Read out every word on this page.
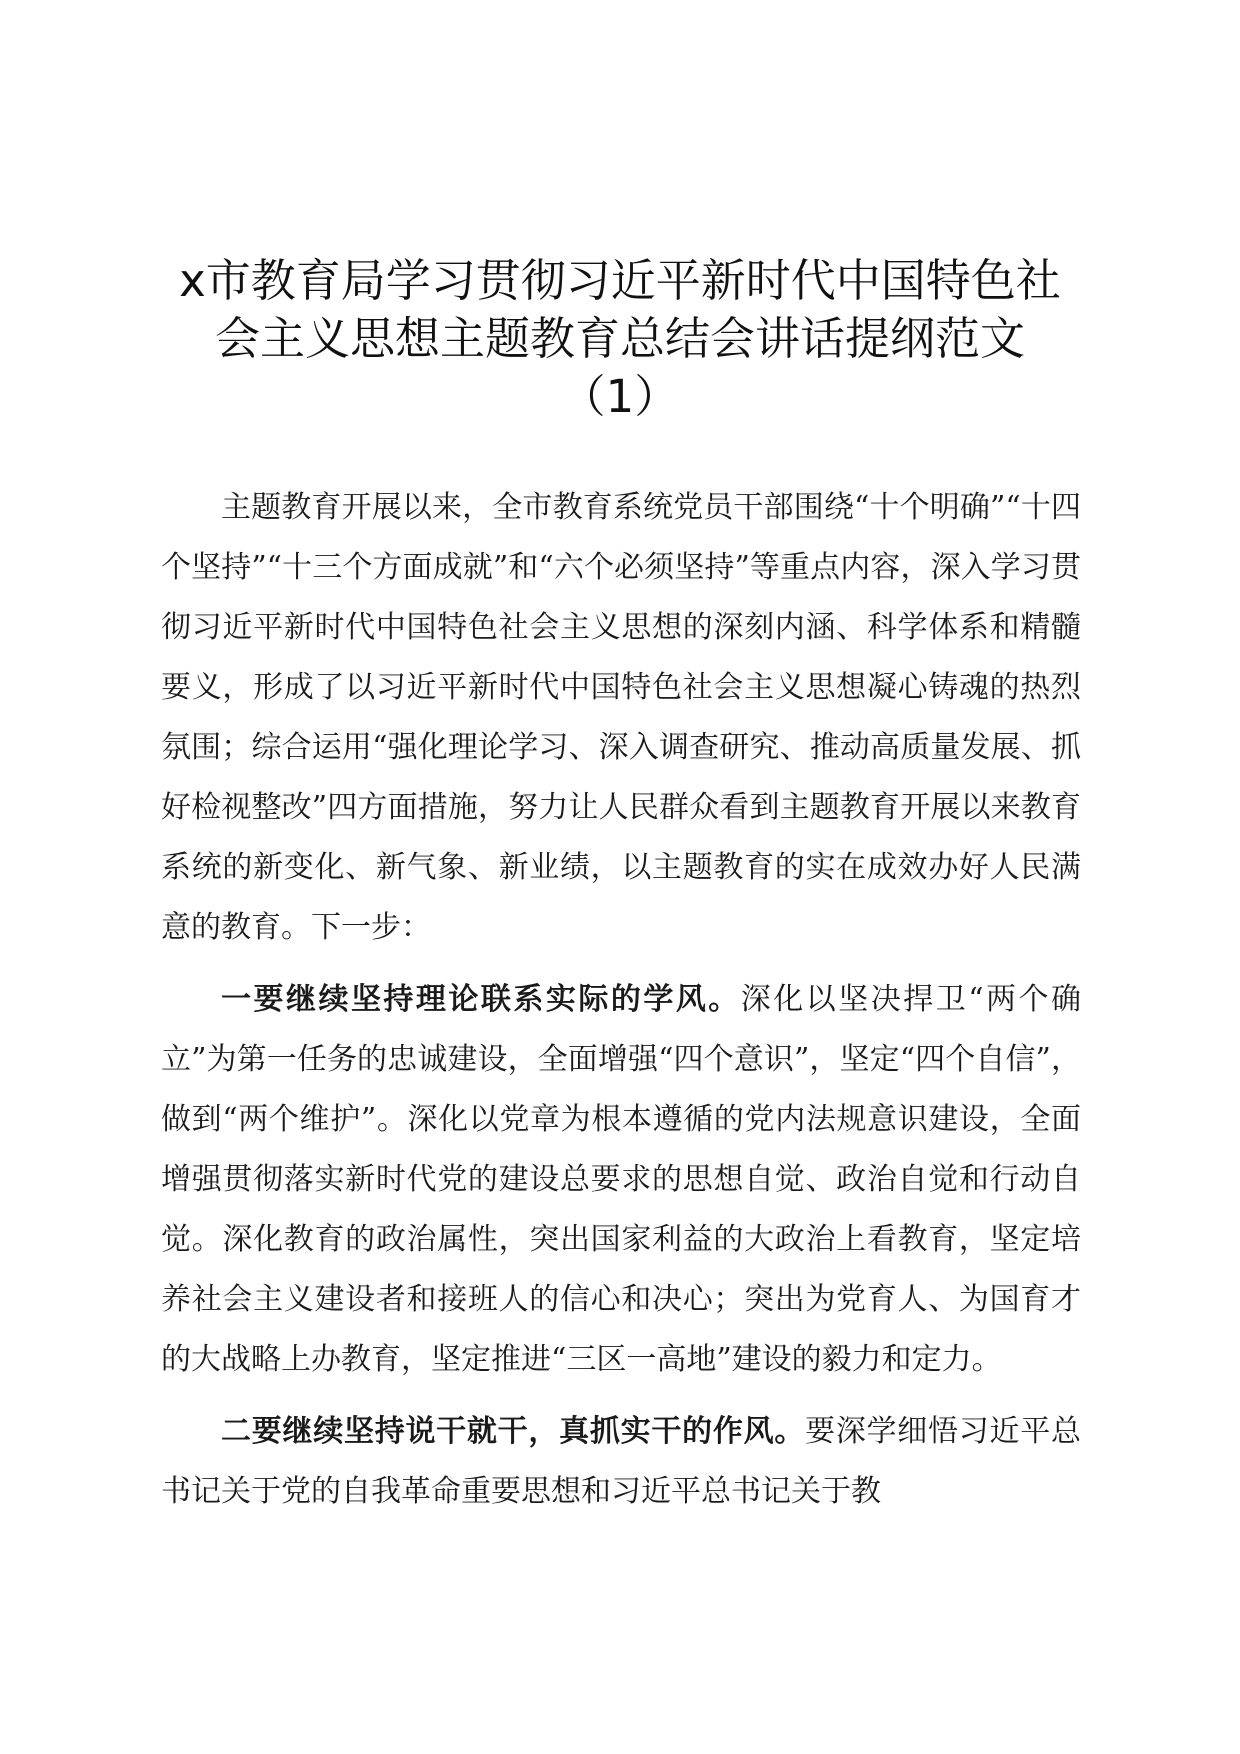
x市教育局学习贯彻习近平新时代中国特色社
会主义思想主题教育总结会讲话提纲范文
（1）

主题教育开展以来，全市教育系统党员干部围绕“十个明确”“十四个坚持”“十三个方面成就”和“六个必须坚持”等重点内容，深入学习贯彻习近平新时代中国特色社会主义思想的深刻内涵、科学体系和精髓要义，形成了以习近平新时代中国特色社会主义思想凝心铸魂的热烈氛围；综合运用“强化理论学习、深入调查研究、推动高质量发展、抓好检视整改”四方面措施，努力让人民群众看到主题教育开展以来教育系统的新变化、新气象、新业绩，以主题教育的实在成效办好人民满意的教育。下一步：

一要继续坚持理论联系实际的学风。深化以坚决捍卫“两个确立”为第一任务的忠诚建设，全面增强“四个意识”，坚定“四个自信”，做到“两个维护”。深化以党章为根本遵循的党内法规意识建设，全面增强贯彻落实新时代党的建设总要求的思想自觉、政治自觉和行动自觉。深化教育的政治属性，突出国家利益的大政治上看教育，坚定培养社会主义建设者和接班人的信心和决心；突出为党育人、为国育才的大战略上办教育，坚定推进“三区一高地”建设的毅力和定力。

二要继续坚持说干就干，真抓实干的作风。要深学细悟习近平总书记关于党的自我革命重要思想和习近平总书记关于教
